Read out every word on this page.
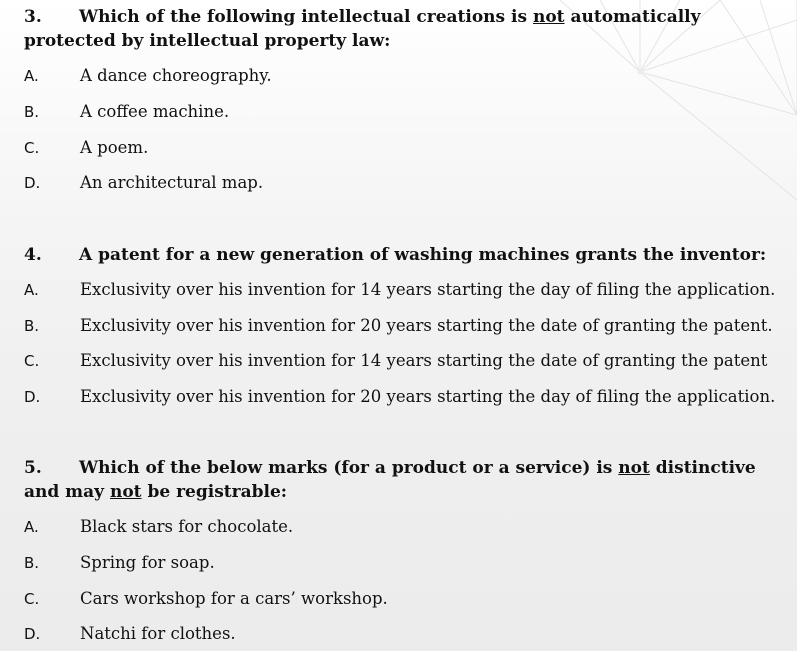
3. Which of the following intellectual creations is not automatically protected by intellectual property law:
A. A dance choreography.
B. A coffee machine.
C. A poem.
D. An architectural map.
4. A patent for a new generation of washing machines grants the inventor:
A. Exclusivity over his invention for 14 years starting the day of filing the application.
B. Exclusivity over his invention for 20 years starting the date of granting the patent.
C. Exclusivity over his invention for 14 years starting the date of granting the patent
D. Exclusivity over his invention for 20 years starting the day of filing the application.
5. Which of the below marks (for a product or a service) is not distinctive and may not be registrable:
A. Black stars for chocolate.
B. Spring for soap.
C. Cars workshop for a cars’ workshop.
D. Natchi for clothes.
